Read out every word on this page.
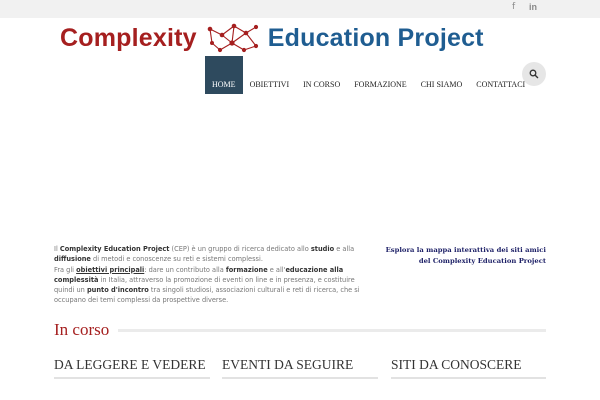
f in
Complexity	Education Project
HOME	OBIETTIVI	IN CORSO	FORMAZIONE	CHI SIAMO	CONTATTACI
Il Complexity Education Project (CEP) è un gruppo di ricerca dedicato allo studio e alla diffusione di metodi e conoscenze su reti e sistemi complessi.
Fra gli obiettivi principali: dare un contributo alla formazione e all'educazione alla complessità in Italia, attraverso la promozione di eventi on line e in presenza, e costituire quindi un punto d'incontro tra singoli studiosi, associazioni culturali e reti di ricerca, che si occupano dei temi complessi da prospettive diverse.
Esplora la mappa interattiva dei siti amici
del Complexity Education Project
In corso
DA LEGGERE E VEDERE EVENTI DA SEGUIRE	SITI DA CONOSCERE
